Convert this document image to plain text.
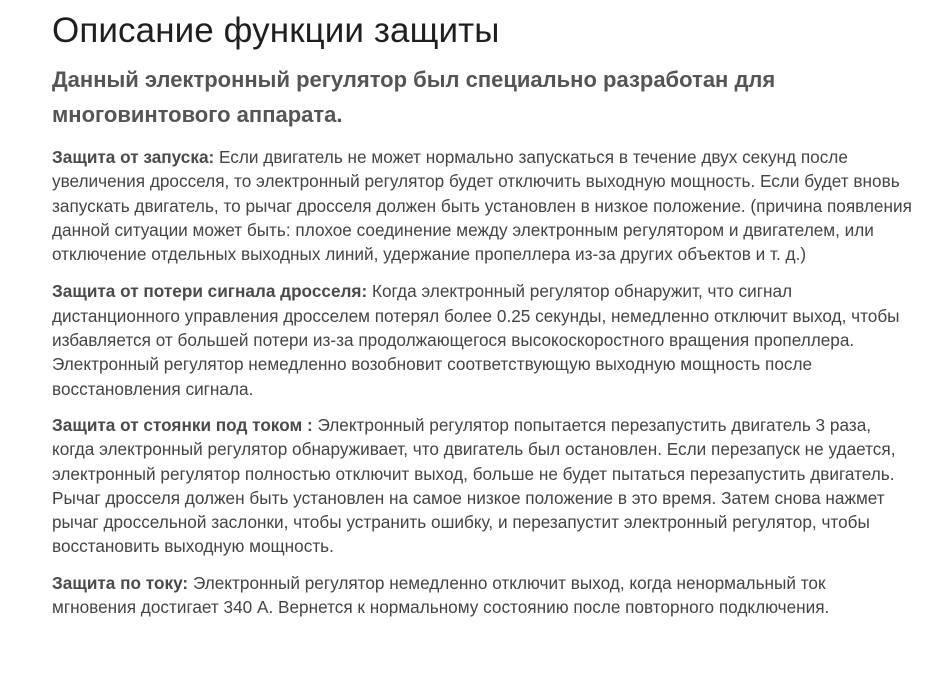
Описание функции защиты
Данный электронный регулятор был специально разработан для многовинтового аппарата.

Защита от запуска: Если двигатель не может нормально запускаться в течение двух секунд после увеличения дросселя, то электронный регулятор будет отключить выходную мощность. Если будет вновь запускать двигатель, то рычаг дросселя должен быть установлен в низкое положение. (причина появления данной ситуации может быть: плохое соединение между электронным регулятором и двигателем, или отключение отдельных выходных линий, удержание пропеллера из-за других объектов и т. д.)

Защита от потери сигнала дросселя: Когда электронный регулятор обнаружит, что сигнал дистанционного управления дросселем потерял более 0.25 секунды, немедленно отключит выход, чтобы избавляется от большей потери из-за продолжающегося высокоскоростного вращения пропеллера. Электронный регулятор немедленно возобновит соответствующую выходную мощность после восстановления сигнала.

Защита от стоянки под током : Электронный регулятор попытается перезапустить двигатель 3 раза, когда электронный регулятор обнаруживает, что двигатель был остановлен. Если перезапуск не удается, электронный регулятор полностью отключит выход, больше не будет пытаться перезапустить двигатель. Рычаг дросселя должен быть установлен на самое низкое положение в это время. Затем снова нажмет рычаг дроссельной заслонки, чтобы устранить ошибку, и перезапустит электронный регулятор, чтобы восстановить выходную мощность.

Защита по току: Электронный регулятор немедленно отключит выход, когда ненормальный ток мгновения достигает 340 А. Вернется к нормальному состоянию после повторного подключения.
